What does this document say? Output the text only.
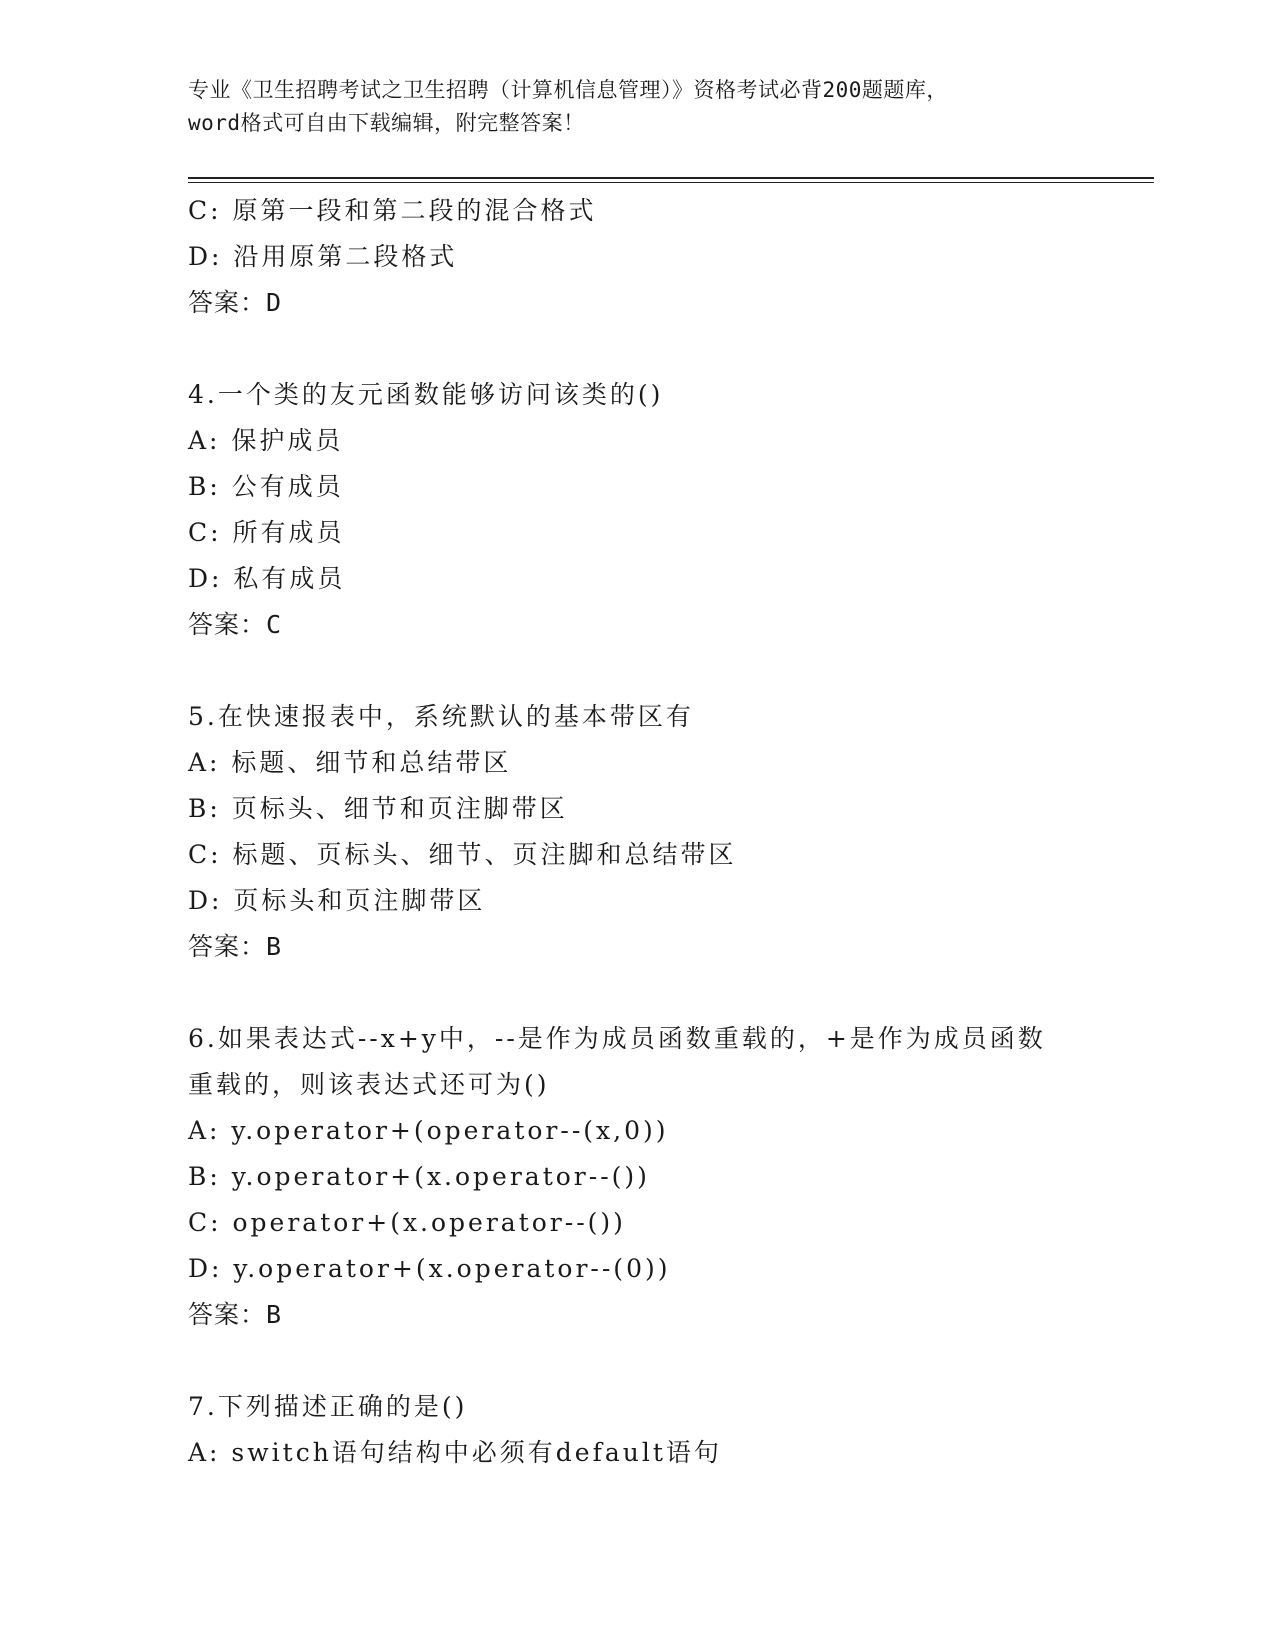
专业《卫生招聘考试之卫生招聘（计算机信息管理）》资格考试必背200题题库，
word格式可自由下载编辑，附完整答案！
C: 原第一段和第二段的混合格式
D: 沿用原第二段格式
答案：D
4.一个类的友元函数能够访问该类的()
A: 保护成员
B: 公有成员
C: 所有成员
D: 私有成员
答案：C
5.在快速报表中，系统默认的基本带区有
A: 标题、细节和总结带区
B: 页标头、细节和页注脚带区
C: 标题、页标头、细节、页注脚和总结带区
D: 页标头和页注脚带区
答案：B
6.如果表达式--x+y中，--是作为成员函数重载的，+是作为成员函数
重载的，则该表达式还可为()
A: y.operator+(operator--(x,0))
B: y.operator+(x.operator--())
C: operator+(x.operator--())
D: y.operator+(x.operator--(0))
答案：B
7.下列描述正确的是()
A: switch语句结构中必须有default语句
